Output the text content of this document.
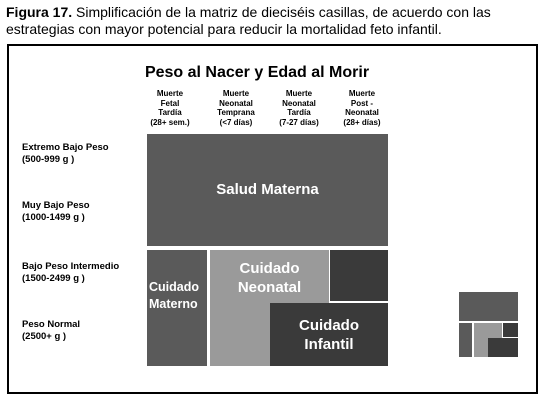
Figura 17. Simplificación de la matriz de dieciséis casillas, de acuerdo con las estrategias con mayor potencial para reducir la mortalidad feto infantil.
Peso al Nacer y Edad al Morir
Muerte
Fetal
Tardía
(28+ sem.)
Muerte
Neonatal
Temprana
(<7 días)
Muerte
Neonatal
Tardía
(7-27 días)
Muerte
Post -
Neonatal
(28+ días)
Extremo Bajo Peso
(500-999 g )
Muy Bajo Peso
(1000-1499 g )
Bajo Peso Intermedio
(1500-2499 g )
Peso Normal
(2500+ g )
Salud Materna
Cuidado
Materno
Cuidado
Neonatal
Cuidado
Infantil
